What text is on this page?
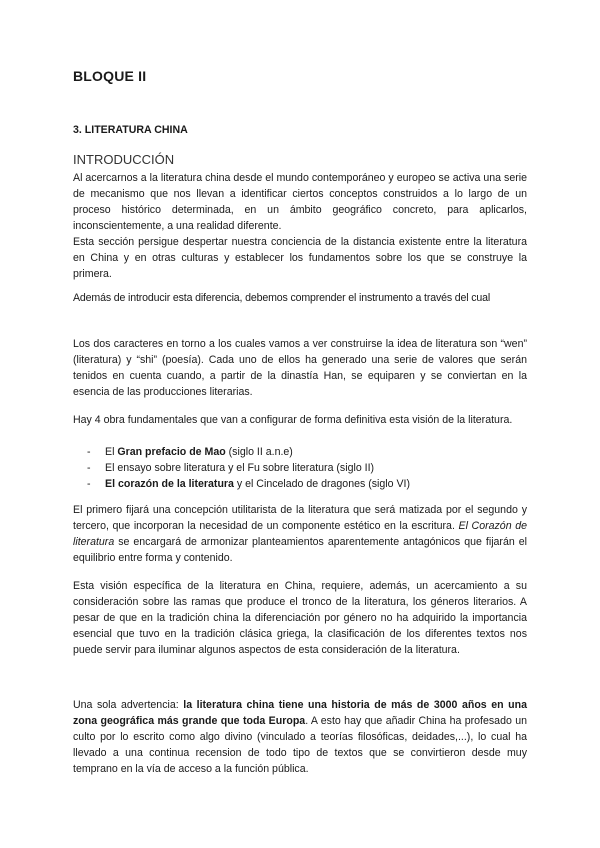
BLOQUE II
3. LITERATURA CHINA
INTRODUCCIÓN

Al acercarnos a la literatura china desde el mundo contemporáneo y europeo se activa una serie de mecanismo que nos llevan a identificar ciertos conceptos construidos a lo largo de un proceso histórico determinada, en un ámbito geográfico concreto, para aplicarlos, inconscientemente, a una realidad diferente.

Esta sección persigue despertar nuestra conciencia de la distancia existente entre la literatura en China y en otras culturas y establecer los fundamentos sobre los que se construye la primera.

Además de introducir esta diferencia, debemos comprender el instrumento a través del cual

Los dos caracteres en torno a los cuales vamos a ver construirse la idea de literatura son “wen” (literatura) y “shi” (poesía). Cada uno de ellos ha generado una serie de valores que serán tenidos en cuenta cuando, a partir de la dinastía Han, se equiparen y se conviertan en la esencia de las producciones literarias.

Hay 4 obra fundamentales que van a configurar de forma definitiva esta visión de la literatura.

- El Gran prefacio de Mao (siglo II a.n.e)
- El ensayo sobre literatura y el Fu sobre literatura (siglo II)
- El corazón de la literatura y el Cincelado de dragones (siglo VI)

El primero fijará una concepción utilitarista de la literatura que será matizada por el segundo y tercero, que incorporan la necesidad de un componente estético en la escritura. El Corazón de literatura se encargará de armonizar planteamientos aparentemente antagónicos que fijarán el equilibrio entre forma y contenido.

Esta visión específica de la literatura en China, requiere, además, un acercamiento a su consideración sobre las ramas que produce el tronco de la literatura, los géneros literarios. A pesar de que en la tradición china la diferenciación por género no ha adquirido la importancia esencial que tuvo en la tradición clásica griega, la clasificación de los diferentes textos nos puede servir para iluminar algunos aspectos de esta consideración de la literatura.

Una sola advertencia: la literatura china tiene una historia de más de 3000 años en una zona geográfica más grande que toda Europa. A esto hay que añadir China ha profesado un culto por lo escrito como algo divino (vinculado a teorías filosóficas, deidades,...), lo cual ha llevado a una continua recension de todo tipo de textos que se convirtieron desde muy temprano en la vía de acceso a la función pública.
